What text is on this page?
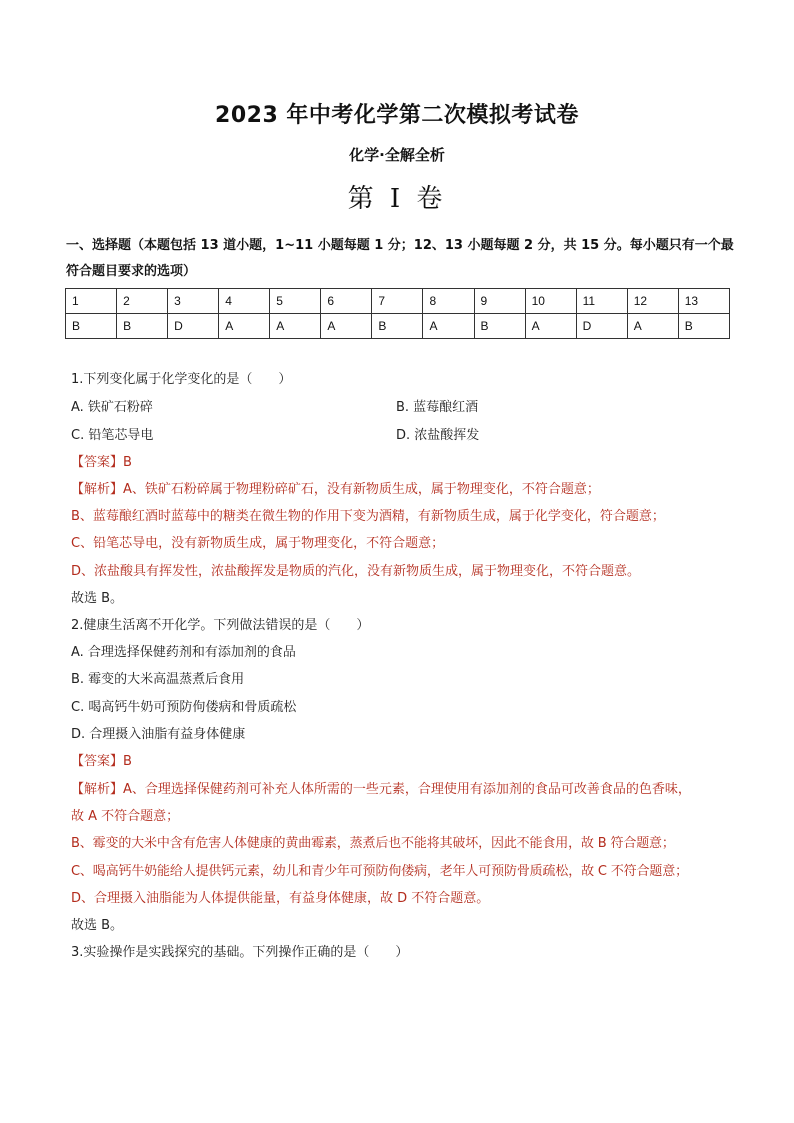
2023 年中考化学第二次模拟考试卷
化学·全解全析
第 I 卷
一、选择题（本题包括 13 道小题，1~11 小题每题 1 分；12、13 小题每题 2 分，共 15 分。每小题只有一个最符合题目要求的选项）
1	2	3	4	5	6	7	8	9	10	11	12	13
B	B	D	A	A	A	B	A	B	A	D	A	B
1.下列变化属于化学变化的是（　　）
A. 铁矿石粉碎	B. 蓝莓酿红酒
C. 铅笔芯导电	D. 浓盐酸挥发
【答案】B
【解析】A、铁矿石粉碎属于物理粉碎矿石，没有新物质生成，属于物理变化，不符合题意；
B、蓝莓酿红酒时蓝莓中的糖类在微生物的作用下变为酒精，有新物质生成，属于化学变化，符合题意；
C、铅笔芯导电，没有新物质生成，属于物理变化，不符合题意；
D、浓盐酸具有挥发性，浓盐酸挥发是物质的汽化，没有新物质生成，属于物理变化，不符合题意。
故选 B。
2.健康生活离不开化学。下列做法错误的是（　　）
A. 合理选择保健药剂和有添加剂的食品
B. 霉变的大米高温蒸煮后食用
C. 喝高钙牛奶可预防佝偻病和骨质疏松
D. 合理摄入油脂有益身体健康
【答案】B
【解析】A、合理选择保健药剂可补充人体所需的一些元素，合理使用有添加剂的食品可改善食品的色香味，
故 A 不符合题意；
B、霉变的大米中含有危害人体健康的黄曲霉素，蒸煮后也不能将其破坏，因此不能食用，故 B 符合题意；
C、喝高钙牛奶能给人提供钙元素，幼儿和青少年可预防佝偻病，老年人可预防骨质疏松，故 C 不符合题意；
D、合理摄入油脂能为人体提供能量，有益身体健康，故 D 不符合题意。
故选 B。
3.实验操作是实践探究的基础。下列操作正确的是（　　）
